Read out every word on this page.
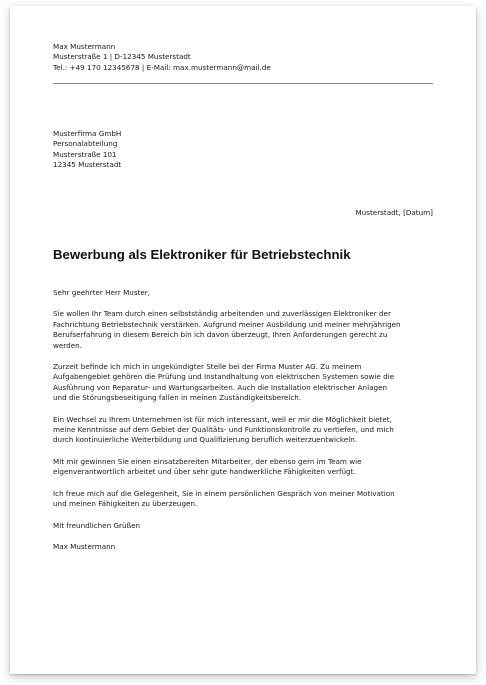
Max Mustermann
Musterstraße 1 | D-12345 Musterstadt
Tel.: +49 170 12345678 | E-Mail: max.mustermann@mail.de
Musterfirma GmbH
Personalabteilung
Musterstraße 101
12345 Musterstadt
Musterstadt, [Datum]
Bewerbung als Elektroniker für Betriebstechnik
Sehr geehrter Herr Muster,
Sie wollen Ihr Team durch einen selbstständig arbeitenden und zuverlässigen Elektroniker der
Fachrichtung Betriebstechnik verstärken. Aufgrund meiner Ausbildung und meiner mehrjährigen
Berufserfahrung in diesem Bereich bin ich davon überzeugt, Ihren Anforderungen gerecht zu
werden.
Zurzeit befinde ich mich in ungekündigter Stelle bei der Firma Muster AG. Zu meinem
Aufgabengebiet gehören die Prüfung und Instandhaltung von elektrischen Systemen sowie die
Ausführung von Reparatur- und Wartungsarbeiten. Auch die Installation elektrischer Anlagen
und die Störungsbeseitigung fallen in meinen Zuständigkeitsbereich.
Ein Wechsel zu Ihrem Unternehmen ist für mich interessant, weil er mir die Möglichkeit bietet,
meine Kenntnisse auf dem Gebiet der Qualitäts- und Funktionskontrolle zu vertiefen, und mich
durch kontinuierliche Weiterbildung und Qualifizierung beruflich weiterzuentwickeln.
Mit mir gewinnen Sie einen einsatzbereiten Mitarbeiter, der ebenso gern im Team wie
eigenverantwortlich arbeitet und über sehr gute handwerkliche Fähigkeiten verfügt.
Ich freue mich auf die Gelegenheit, Sie in einem persönlichen Gespräch von meiner Motivation
und meinen Fähigkeiten zu überzeugen.
Mit freundlichen Grüßen
Max Mustermann
